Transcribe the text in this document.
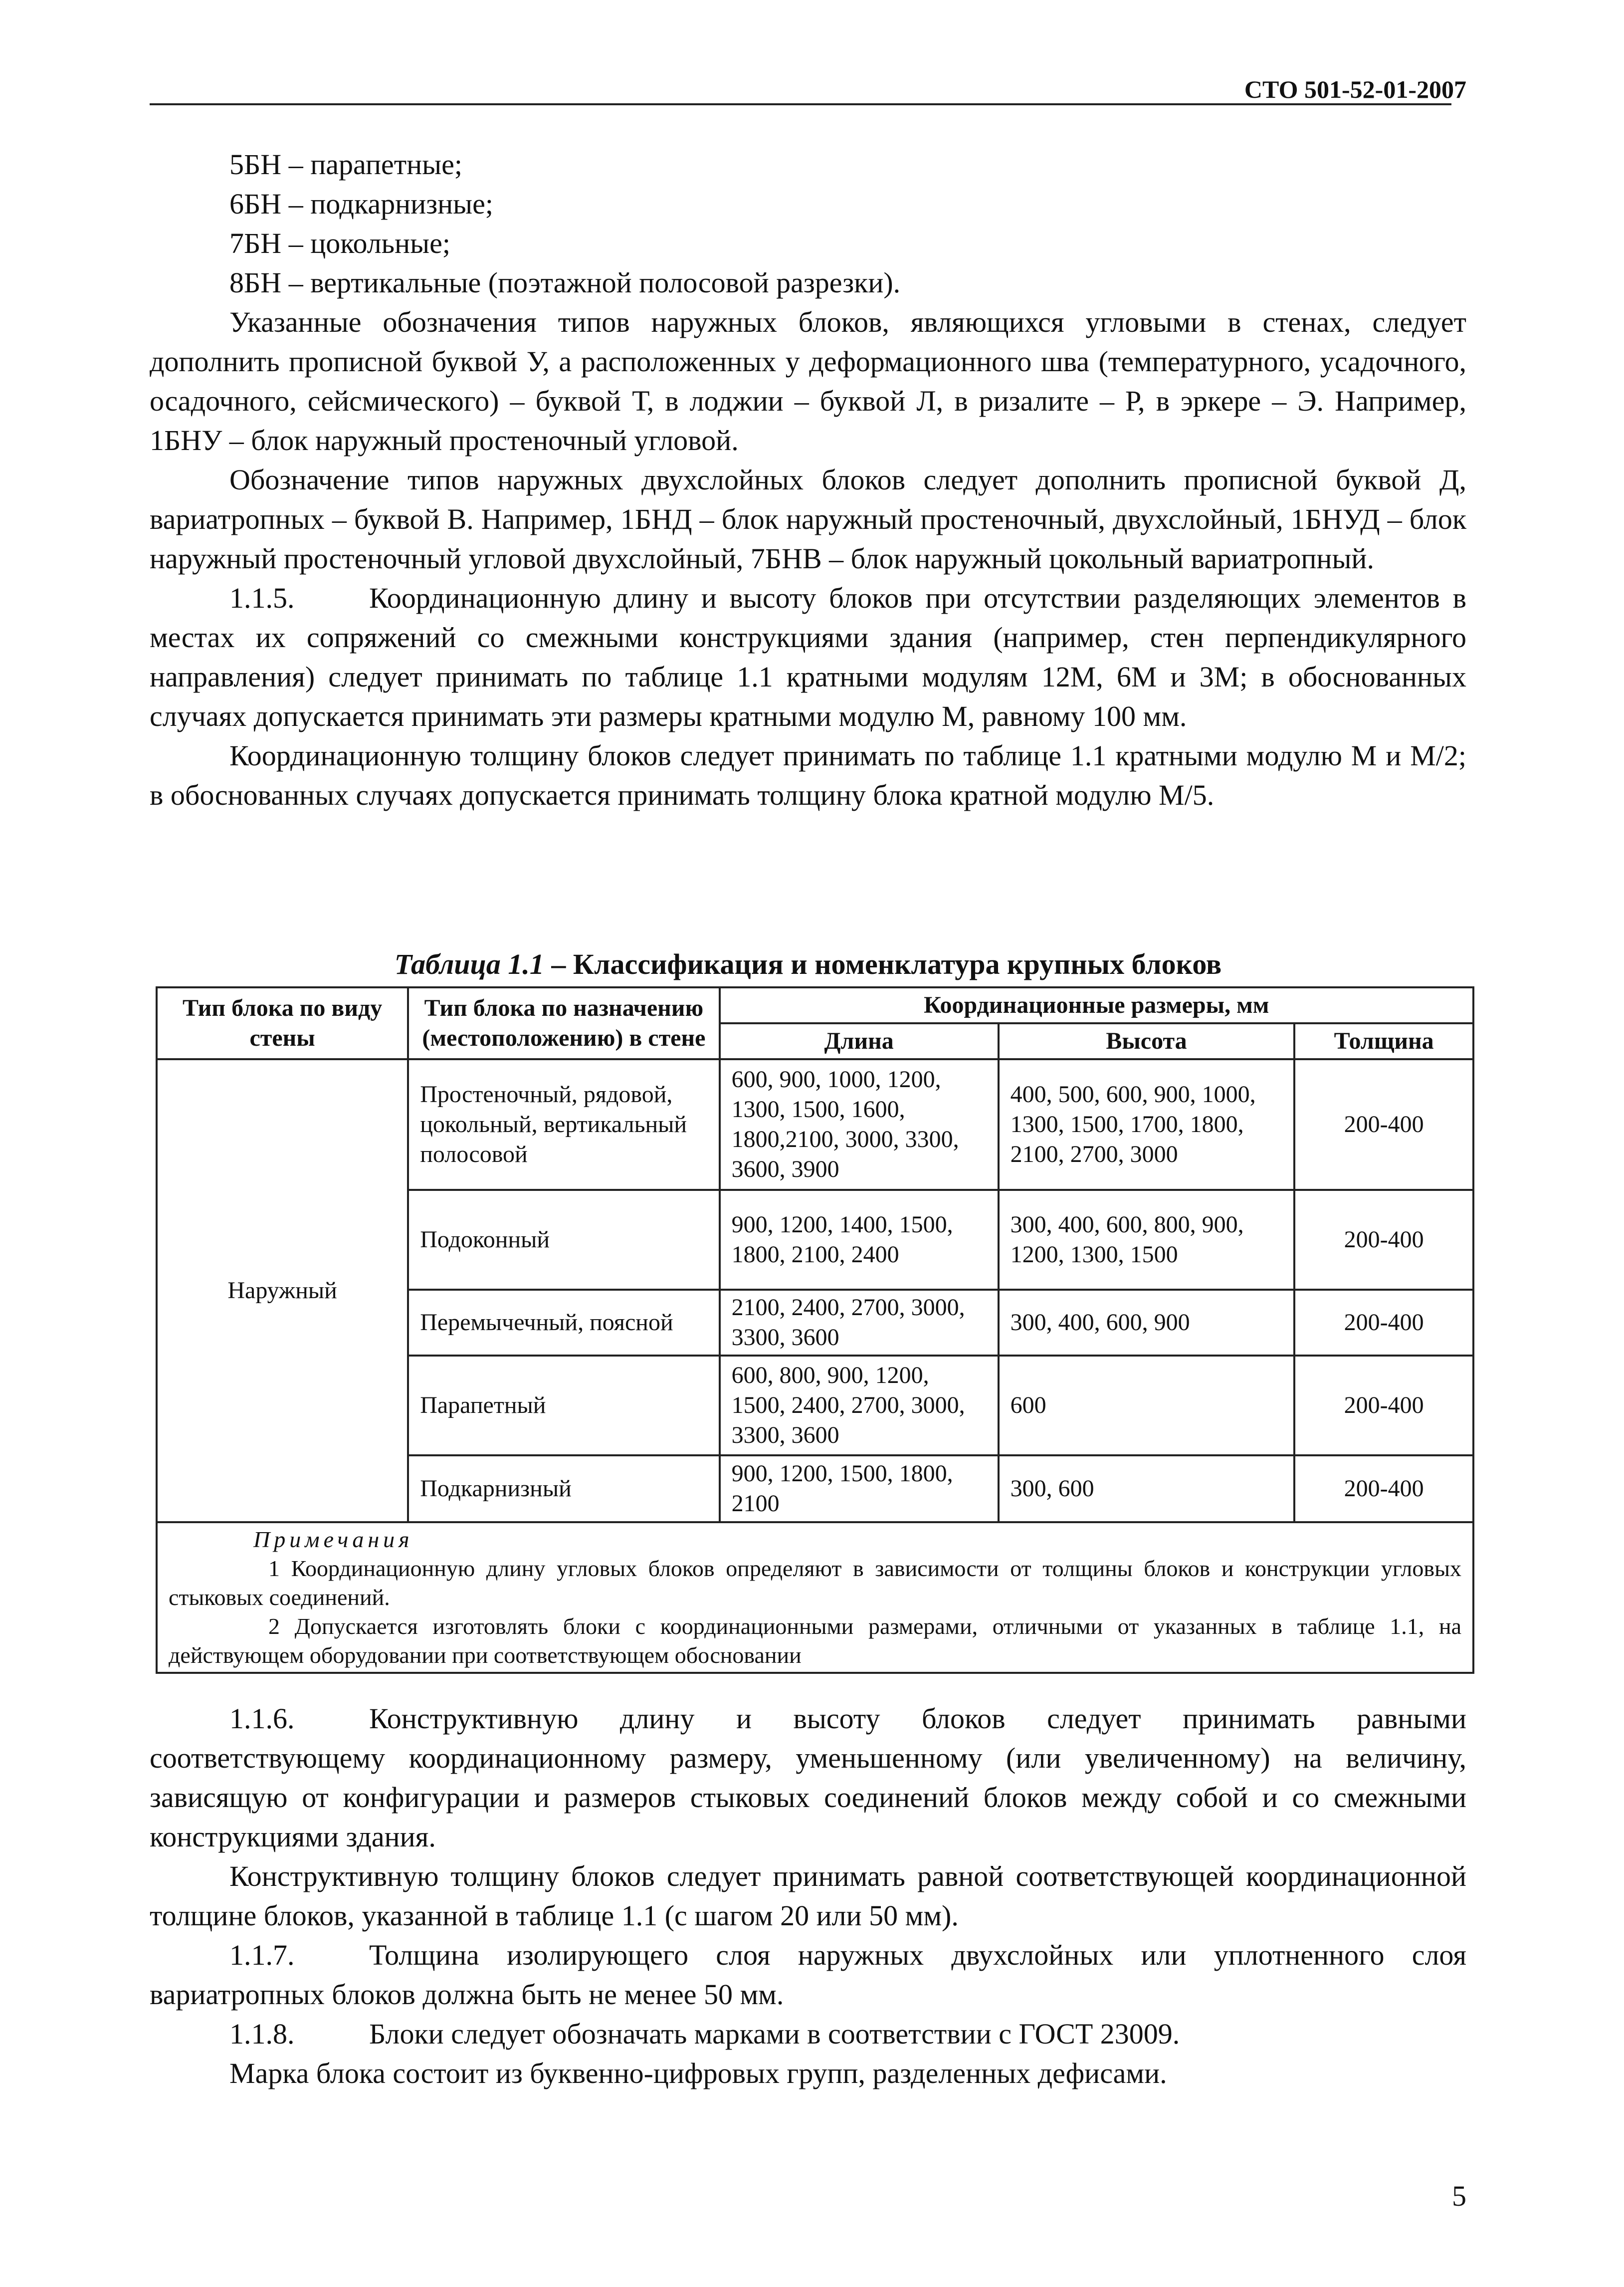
СТО 501-52-01-2007

5БН – парапетные;

6БН – подкарнизные;

7БН – цокольные;

8БН – вертикальные (поэтажной полосовой разрезки).

Указанные обозначения типов наружных блоков, являющихся угловыми в стенах, следует дополнить прописной буквой У, а расположенных у деформационного шва (температурного, усадочного, осадочного, сейсмического) – буквой Т, в лоджии – буквой Л, в ризалите – Р, в эркере – Э. Например, 1БНУ – блок наружный простеночный угловой.

Обозначение типов наружных двухслойных блоков следует дополнить прописной буквой Д, вариатропных – буквой В. Например, 1БНД – блок наружный простеночный, двухслойный, 1БНУД – блок наружный простеночный угловой двухслойный, 7БНВ – блок наружный цокольный вариатропный.

1.1.5.	Координационную длину и высоту блоков при отсутствии разделяющих элементов в местах их сопряжений со смежными конструкциями здания (например, стен перпендикулярного направления) следует принимать по таблице 1.1 кратными модулям 12М, 6М и 3М; в обоснованных случаях допускается принимать эти размеры кратными модулю М, равному 100 мм.

Координационную толщину блоков следует принимать по таблице 1.1 кратными модулю М и М/2; в обоснованных случаях допускается принимать толщину блока кратной модулю М/5.

Таблица 1.1 – Классификация и номенклатура крупных блоков
Тип блока по виду стены	Тип блока по назначению (местоположению) в стене	Координационные размеры, мм		
		Длина	Высота	Толщина
Наружный	Простеночный, рядовой, цокольный, вертикальный полосовой	600, 900, 1000, 1200, 1300, 1500, 1600, 1800,2100, 3000, 3300, 3600, 3900	400, 500, 600, 900, 1000, 1300, 1500, 1700, 1800, 2100, 2700, 3000	200-400
	Подоконный	900, 1200, 1400, 1500, 1800, 2100, 2400	300, 400, 600, 800, 900, 1200, 1300, 1500	200-400
	Перемычечный, поясной	2100, 2400, 2700, 3000, 3300, 3600	300, 400, 600, 900	200-400
	Парапетный	600, 800, 900, 1200, 1500, 2400, 2700, 3000, 3300, 3600	600	200-400
	Подкарнизный	900, 1200, 1500, 1800, 2100	300, 600	200-400

Примечания
1 Координационную длину угловых блоков определяют в зависимости от толщины блоков и конструкции угловых стыковых соединений.
2 Допускается изготовлять блоки с координационными размерами, отличными от указанных в таблице 1.1, на действующем оборудовании при соответствующем обосновании				

1.1.6.	Конструктивную длину и высоту блоков следует принимать равными соответствующему координационному размеру, уменьшенному (или увеличенному) на величину, зависящую от конфигурации и размеров стыковых соединений блоков между собой и со смежными конструкциями здания.

Конструктивную толщину блоков следует принимать равной соответствующей координационной толщине блоков, указанной в таблице 1.1 (с шагом 20 или 50 мм).

1.1.7.	Толщина изолирующего слоя наружных двухслойных или уплотненного слоя вариатропных блоков должна быть не менее 50 мм.

1.1.8.	Блоки следует обозначать марками в соответствии с ГОСТ 23009.

Марка блока состоит из буквенно-цифровых групп, разделенных дефисами.

5
